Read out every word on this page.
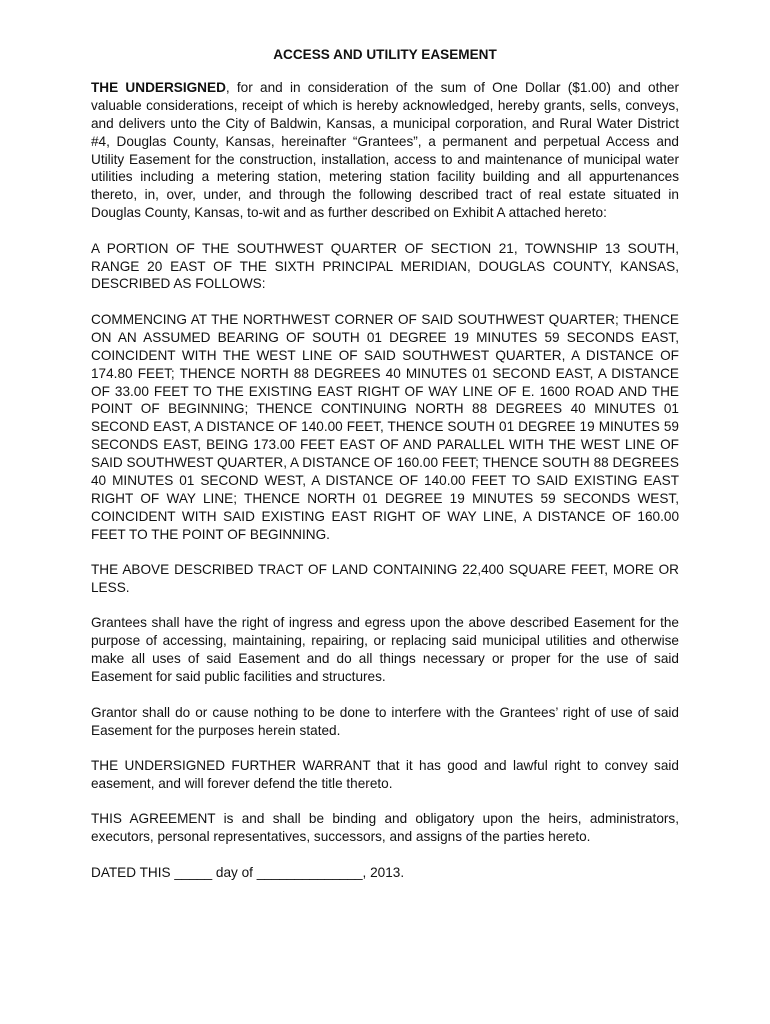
ACCESS AND UTILITY EASEMENT

THE UNDERSIGNED, for and in consideration of the sum of One Dollar ($1.00) and other valuable considerations, receipt of which is hereby acknowledged, hereby grants, sells, conveys, and delivers unto the City of Baldwin, Kansas, a municipal corporation, and Rural Water District #4, Douglas County, Kansas, hereinafter “Grantees”, a permanent and perpetual Access and Utility Easement for the construction, installation, access to and maintenance of municipal water utilities including a metering station, metering station facility building and all appurtenances thereto, in, over, under, and through the following described tract of real estate situated in Douglas County, Kansas, to-wit and as further described on Exhibit A attached hereto:

A PORTION OF THE SOUTHWEST QUARTER OF SECTION 21, TOWNSHIP 13 SOUTH, RANGE 20 EAST OF THE SIXTH PRINCIPAL MERIDIAN, DOUGLAS COUNTY, KANSAS, DESCRIBED AS FOLLOWS:

COMMENCING AT THE NORTHWEST CORNER OF SAID SOUTHWEST QUARTER; THENCE ON AN ASSUMED BEARING OF SOUTH 01 DEGREE 19 MINUTES 59 SECONDS EAST, COINCIDENT WITH THE WEST LINE OF SAID SOUTHWEST QUARTER, A DISTANCE OF 174.80 FEET; THENCE NORTH 88 DEGREES 40 MINUTES 01 SECOND EAST, A DISTANCE OF 33.00 FEET TO THE EXISTING EAST RIGHT OF WAY LINE OF E. 1600 ROAD AND THE POINT OF BEGINNING; THENCE CONTINUING NORTH 88 DEGREES 40 MINUTES 01 SECOND EAST, A DISTANCE OF 140.00 FEET, THENCE SOUTH 01 DEGREE 19 MINUTES 59 SECONDS EAST, BEING 173.00 FEET EAST OF AND PARALLEL WITH THE WEST LINE OF SAID SOUTHWEST QUARTER, A DISTANCE OF 160.00 FEET; THENCE SOUTH 88 DEGREES 40 MINUTES 01 SECOND WEST, A DISTANCE OF 140.00 FEET TO SAID EXISTING EAST RIGHT OF WAY LINE; THENCE NORTH 01 DEGREE 19 MINUTES 59 SECONDS WEST, COINCIDENT WITH SAID EXISTING EAST RIGHT OF WAY LINE, A DISTANCE OF 160.00 FEET TO THE POINT OF BEGINNING.

THE ABOVE DESCRIBED TRACT OF LAND CONTAINING 22,400 SQUARE FEET, MORE OR LESS.

Grantees shall have the right of ingress and egress upon the above described Easement for the purpose of accessing, maintaining, repairing, or replacing said municipal utilities and otherwise make all uses of said Easement and do all things necessary or proper for the use of said Easement for said public facilities and structures.

Grantor shall do or cause nothing to be done to interfere with the Grantees’ right of use of said Easement for the purposes herein stated.

THE UNDERSIGNED FURTHER WARRANT that it has good and lawful right to convey said easement, and will forever defend the title thereto.

THIS AGREEMENT is and shall be binding and obligatory upon the heirs, administrators, executors, personal representatives, successors, and assigns of the parties hereto.

DATED THIS _____ day of ______________, 2013.
